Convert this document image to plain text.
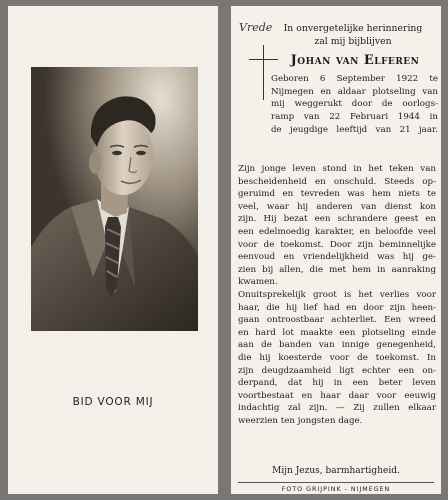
BID VOOR MIJ
Vrede	In onvergetelijke herinnering
zal mij bijblijven
Johan van Elferen
Geboren 6 September 1922 te
Nijmegen en aldaar plotseling van
mij weggerukt door de oorlogs-
ramp van 22 Februari 1944 in
de jeugdige leeftijd van 21 jaar.
Zijn jonge leven stond in het teken van
bescheidenheid en onschuld. Steeds op-
geruimd en tevreden was hem niets te
veel, waar hij anderen van dienst kon
zijn. Hij bezat een schrandere geest en
een edelmoedig karakter, en beloofde veel
voor de toekomst. Door zijn beminnelijke
eenvoud en vriendelijkheid was hij ge-
zien bij allen, die met hem in aanraking
kwamen.
Onuitsprekelijk groot is het verlies voor
haar, die hij lief had en door zijn heen-
gaan ontroostbaar achterliet. Een wreed
en hard lot maakte een plotseling einde
aan de banden van innige genegenheid,
die hij koesterde voor de toekomst. In
zijn deugdzaamheid ligt echter een on-
derpand, dat hij in een beter leven
voortbestaat en haar daar voor eeuwig
indachtig zal zijn. — Zij zullen elkaar
weerzien ten jongsten dage.
Mijn Jezus, barmhartigheid.
FOTO GRIJPINK - NIJMEGEN
